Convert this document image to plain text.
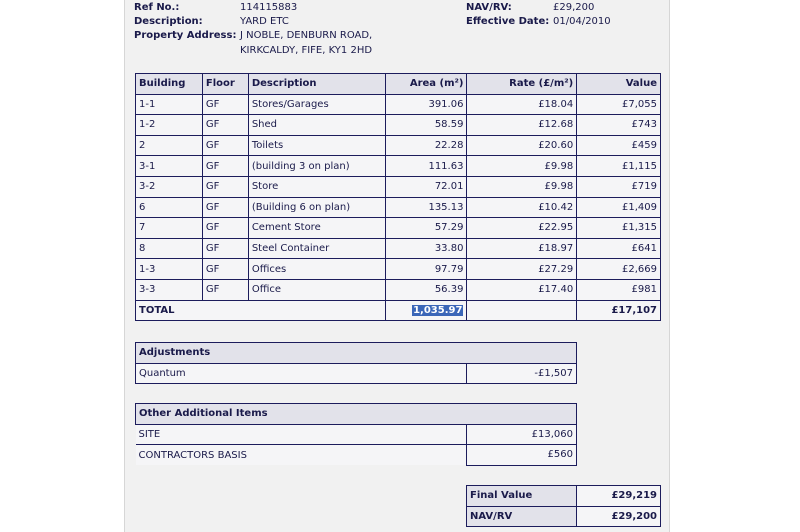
Ref No.:	114115883
Description:	YARD ETC
Property Address: J NOBLE, DENBURN ROAD,
KIRKCALDY, FIFE, KY1 2HD
NAV/RV:	£29,200
Effective Date: 01/04/2010
Building	Floor	Description	Area (m²)	Rate (£/m²)	Value
1-1	GF	Stores/Garages	391.06	£18.04	£7,055
1-2	GF	Shed	58.59	£12.68	£743
2	GF	Toilets	22.28	£20.60	£459
3-1	GF	(building 3 on plan)	111.63	£9.98	£1,115
3-2	GF	Store	72.01	£9.98	£719
6	GF	(Building 6 on plan)	135.13	£10.42	£1,409
7	GF	Cement Store	57.29	£22.95	£1,315
8	GF	Steel Container	33.80	£18.97	£641
1-3	GF	Offices	97.79	£27.29	£2,669
3-3	GF	Office	56.39	£17.40	£981
TOTAL			1,035.97		£17,107
Adjustments
Quantum	-£1,507
Other Additional Items	
SITE	£13,060
CONTRACTORS BASIS	£560
Final Value	£29,219
NAV/RV	£29,200
